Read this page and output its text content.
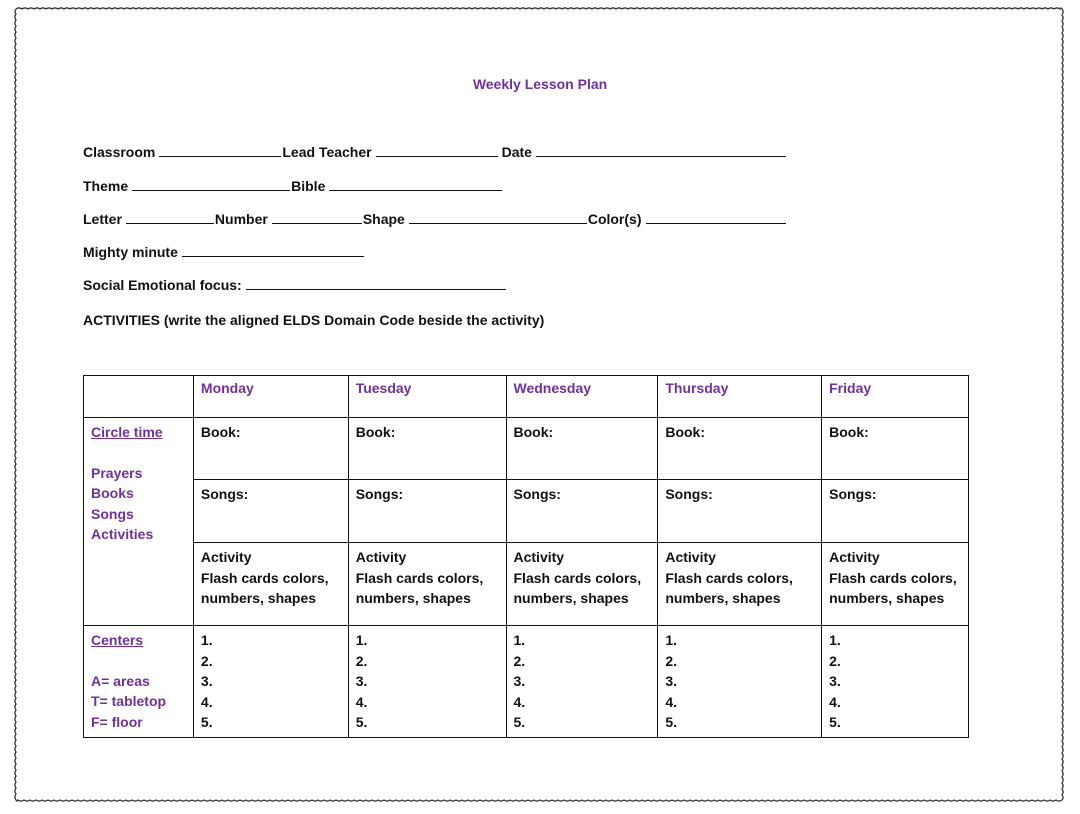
Weekly Lesson Plan
Classroom	Lead Teacher	Date
Theme	Bible
Letter	Number	Shape	Color(s)
Mighty minute
Social Emotional focus:
ACTIVITIES (write the aligned ELDS Domain Code beside the activity)
	Monday	Tuesday	Wednesday	Thursday	Friday

Circle time
Prayers
Books
Songs
Activities	Book:	Book:	Book:	Book:	Book:
	Songs:	Songs:	Songs:	Songs:	Songs:

	Activity
Flash cards colors,
numbers, shapes	Activity
Flash cards colors,
numbers, shapes	Activity
Flash cards colors,
numbers, shapes	Activity
Flash cards colors,
numbers, shapes	Activity
Flash cards colors,
numbers, shapes

Centers
A= areas
T= tabletop
F= floor	1.
2.
3.
4.
5.	1.
2.
3.
4.
5.	1.
2.
3.
4.
5.	1.
2.
3.
4.
5.	1.
2.
3.
4.
5.
